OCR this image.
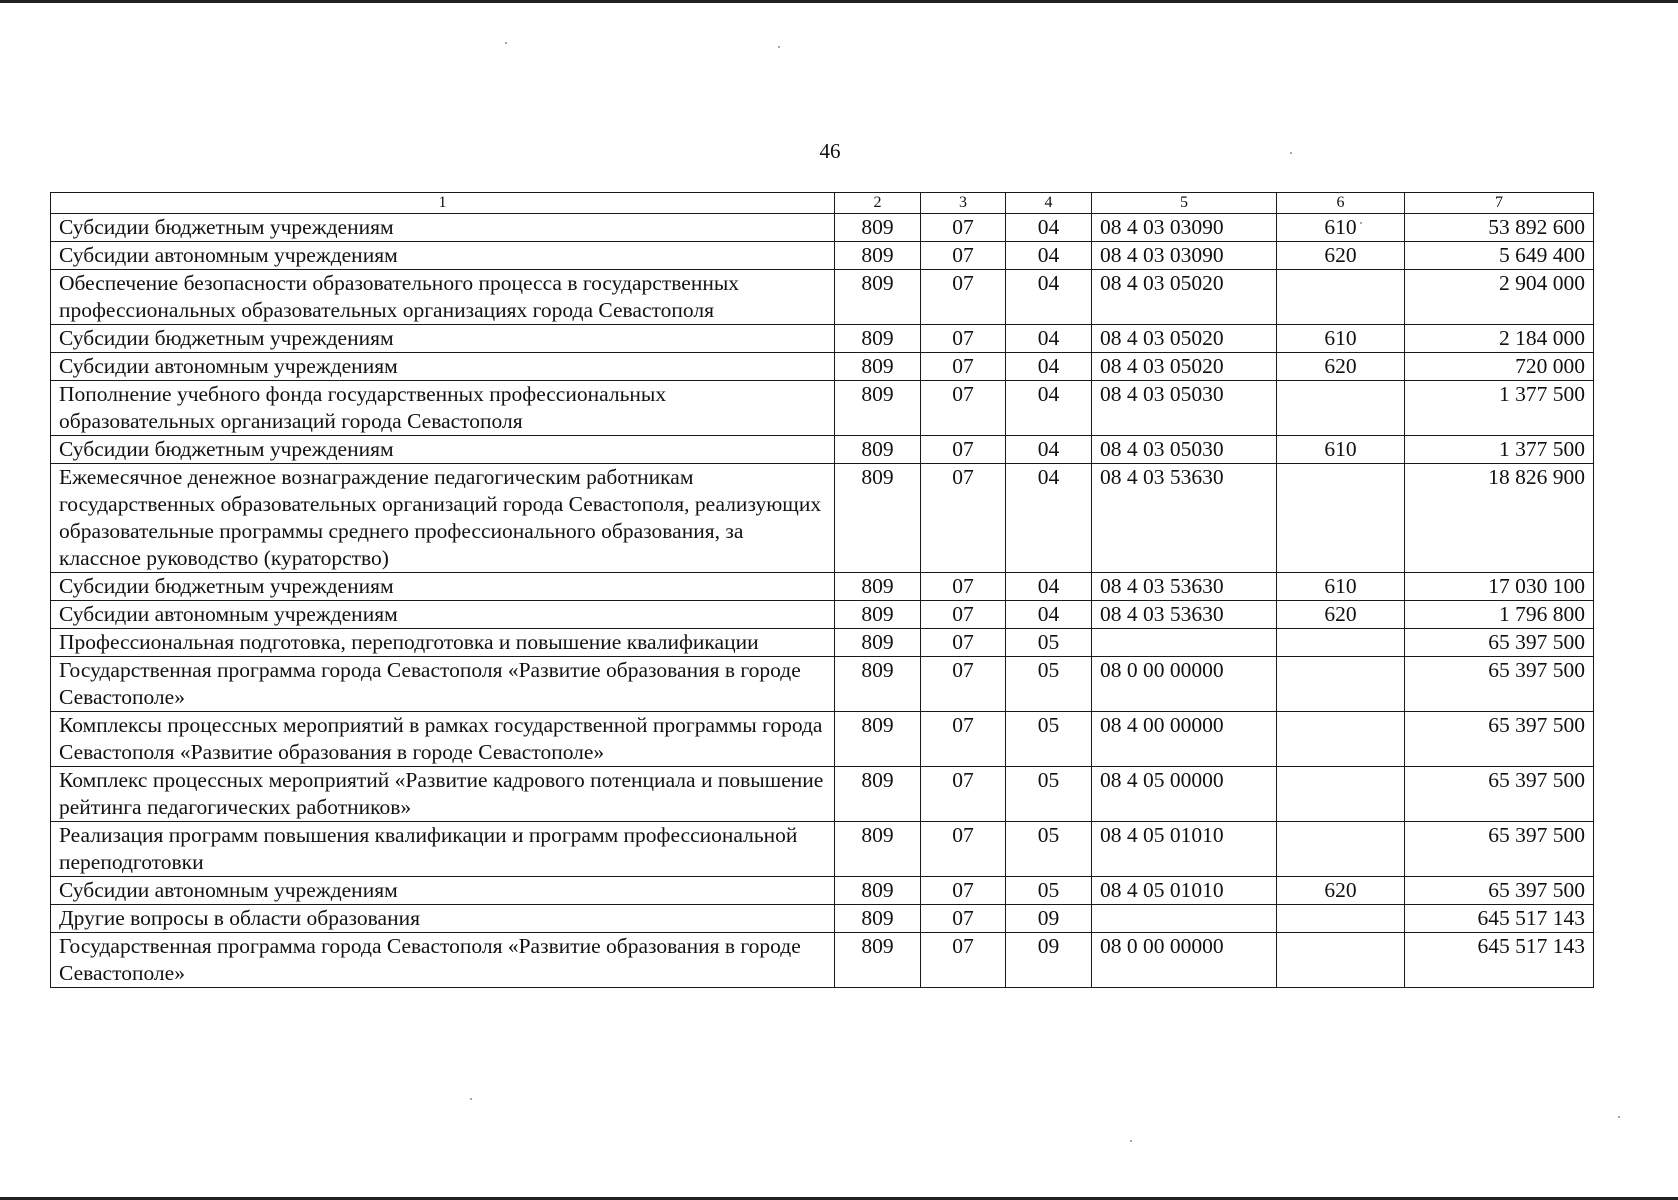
46
1	2	3	4	5	6	7
Субсидии бюджетным учреждениям	809	07	04	08 4 03 03090	610	53 892 600
Субсидии автономным учреждениям	809	07	04	08 4 03 03090	620	5 649 400
Обеспечение безопасности образовательного процесса в государственных профессиональных образовательных организациях города Севастополя	809	07	04	08 4 03 05020		2 904 000
Субсидии бюджетным учреждениям	809	07	04	08 4 03 05020	610	2 184 000
Субсидии автономным учреждениям	809	07	04	08 4 03 05020	620	720 000
Пополнение учебного фонда государственных профессиональных образовательных организаций города Севастополя	809	07	04	08 4 03 05030		1 377 500
Субсидии бюджетным учреждениям	809	07	04	08 4 03 05030	610	1 377 500
Ежемесячное денежное вознаграждение педагогическим работникам государственных образовательных организаций города Севастополя, реализующих образовательные программы среднего профессионального образования, за классное руководство (кураторство)	809	07	04	08 4 03 53630		18 826 900
Субсидии бюджетным учреждениям	809	07	04	08 4 03 53630	610	17 030 100
Субсидии автономным учреждениям	809	07	04	08 4 03 53630	620	1 796 800
Профессиональная подготовка, переподготовка и повышение квалификации	809	07	05			65 397 500
Государственная программа города Севастополя «Развитие образования в городе Севастополе»	809	07	05	08 0 00 00000		65 397 500
Комплексы процессных мероприятий в рамках государственной программы города Севастополя «Развитие образования в городе Севастополе»	809	07	05	08 4 00 00000		65 397 500
Комплекс процессных мероприятий «Развитие кадрового потенциала и повышение рейтинга педагогических работников»	809	07	05	08 4 05 00000		65 397 500
Реализация программ повышения квалификации и программ профессиональной переподготовки	809	07	05	08 4 05 01010		65 397 500
Субсидии автономным учреждениям	809	07	05	08 4 05 01010	620	65 397 500
Другие вопросы в области образования	809	07	09			645 517 143
Государственная программа города Севастополя «Развитие образования в городе Севастополе»	809	07	09	08 0 00 00000		645 517 143
